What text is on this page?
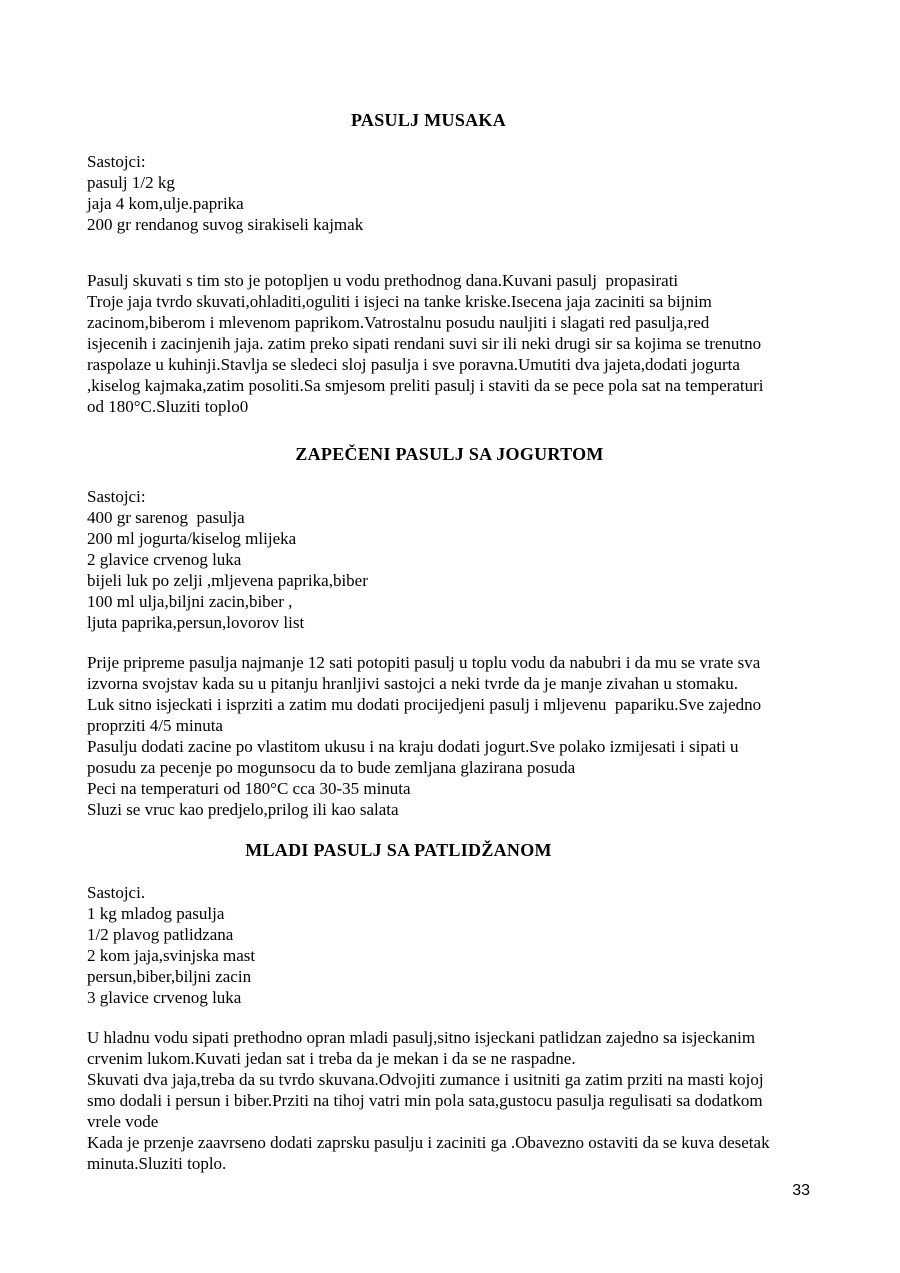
PASULJ MUSAKA
Sastojci:
pasulj 1/2 kg
jaja 4 kom,ulje.paprika
200 gr rendanog suvog sirakiseli kajmak
Pasulj skuvati s tim sto je potopljen u vodu prethodnog dana.Kuvani pasulj  propasirati
Troje jaja tvrdo skuvati,ohladiti,oguliti i isjeci na tanke kriske.Isecena jaja zaciniti sa bijnim
zacinom,biberom i mlevenom paprikom.Vatrostalnu posudu nauljiti i slagati red pasulja,red
isjecenih i zacinjenih jaja. zatim preko sipati rendani suvi sir ili neki drugi sir sa kojima se trenutno
raspolaze u kuhinji.Stavlja se sledeci sloj pasulja i sve poravna.Umutiti dva jajeta,dodati jogurta
,kiselog kajmaka,zatim posoliti.Sa smjesom preliti pasulj i staviti da se pece pola sat na temperaturi
od 180°C.Sluziti toplo0
ZAPEČENI PASULJ SA JOGURTOM
Sastojci:
400 gr sarenog  pasulja
200 ml jogurta/kiselog mlijeka
2 glavice crvenog luka
bijeli luk po zelji ,mljevena paprika,biber
100 ml ulja,biljni zacin,biber ,
ljuta paprika,persun,lovorov list
Prije pripreme pasulja najmanje 12 sati potopiti pasulj u toplu vodu da nabubri i da mu se vrate sva
izvorna svojstav kada su u pitanju hranljivi sastojci a neki tvrde da je manje zivahan u stomaku.
Luk sitno isjeckati i isprziti a zatim mu dodati procijedjeni pasulj i mljevenu  papariku.Sve zajedno
proprziti 4/5 minuta
Pasulju dodati zacine po vlastitom ukusu i na kraju dodati jogurt.Sve polako izmijesati i sipati u
posudu za pecenje po mogunsocu da to bude zemljana glazirana posuda
Peci na temperaturi od 180°C cca 30-35 minuta
Sluzi se vruc kao predjelo,prilog ili kao salata
MLADI PASULJ SA PATLIDŽANOM
Sastojci.
1 kg mladog pasulja
1/2 plavog patlidzana
2 kom jaja,svinjska mast
persun,biber,biljni zacin
3 glavice crvenog luka
U hladnu vodu sipati prethodno opran mladi pasulj,sitno isjeckani patlidzan zajedno sa isjeckanim
crvenim lukom.Kuvati jedan sat i treba da je mekan i da se ne raspadne.
Skuvati dva jaja,treba da su tvrdo skuvana.Odvojiti zumance i usitniti ga zatim prziti na masti kojoj
smo dodali i persun i biber.Prziti na tihoj vatri min pola sata,gustocu pasulja regulisati sa dodatkom
vrele vode
Kada je przenje zaavrseno dodati zaprsku pasulju i zaciniti ga .Obavezno ostaviti da se kuva desetak
minuta.Sluziti toplo.
33
